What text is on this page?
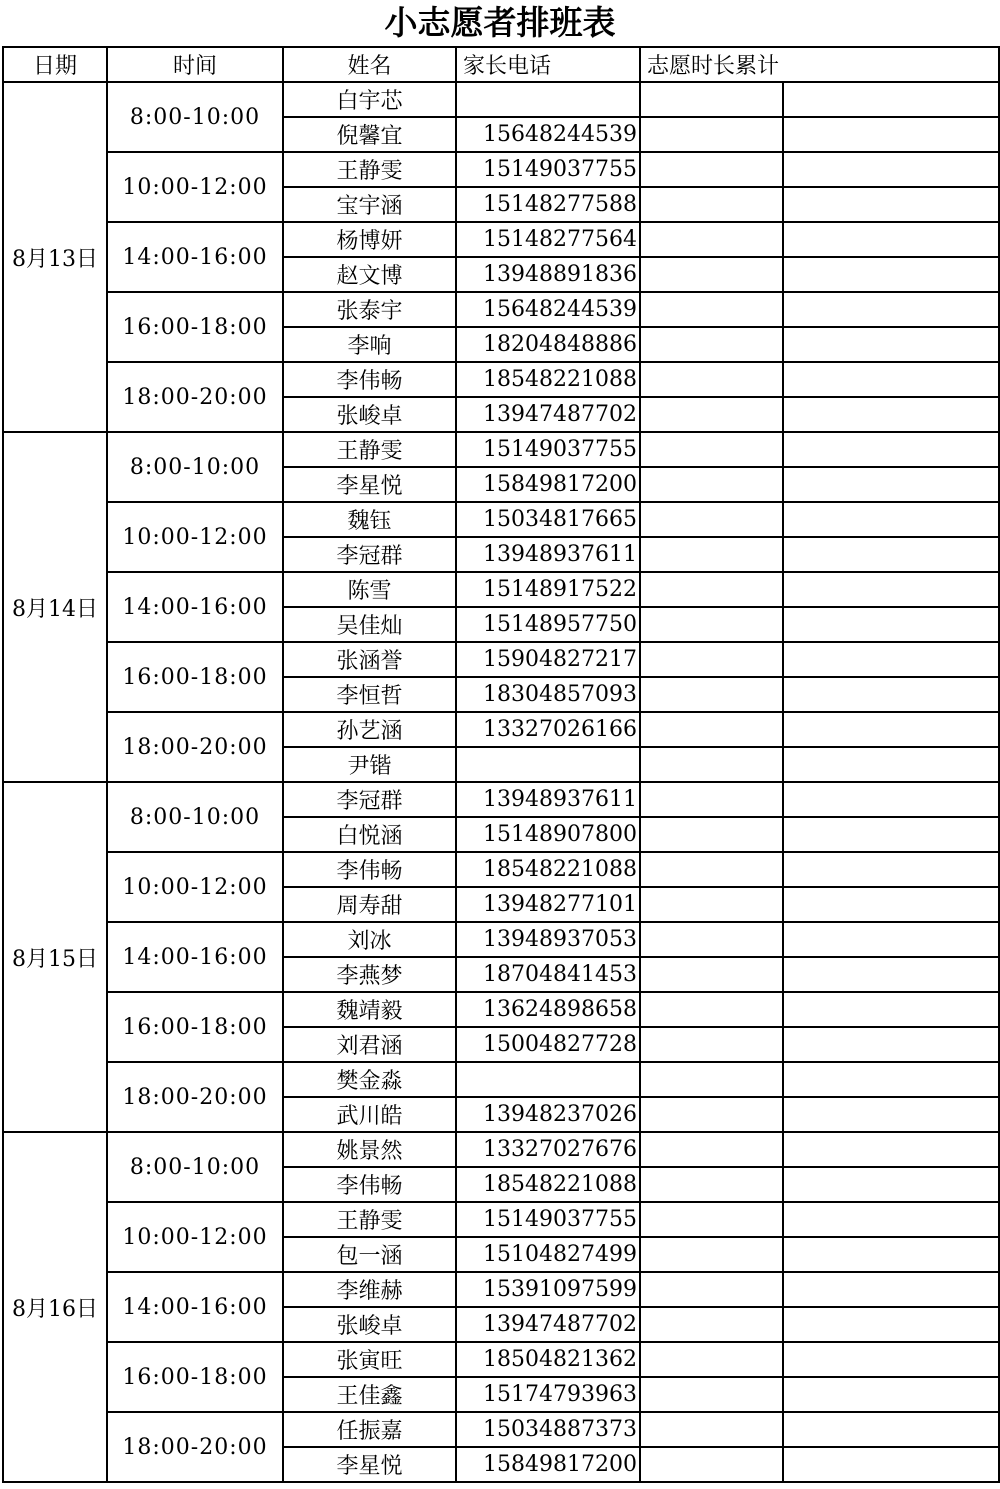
小志愿者排班表
日期	时间	姓名	家长电话	志愿时长累计	
8月13日	8:00-10:00	白宇芯			
		倪馨宜	15648244539		
	10:00-12:00	王静雯	15149037755		
		宝宇涵	15148277588		
	14:00-16:00	杨博妍	15148277564		
		赵文博	13948891836		
	16:00-18:00	张泰宇	15648244539		
		李响	18204848886		
	18:00-20:00	李伟畅	18548221088		
		张峻卓	13947487702		
8月14日	8:00-10:00	王静雯	15149037755		
		李星悦	15849817200		
	10:00-12:00	魏钰	15034817665		
		李冠群	13948937611		
	14:00-16:00	陈雪	15148917522		
		吴佳灿	15148957750		
	16:00-18:00	张涵誉	15904827217		
		李恒哲	18304857093		
	18:00-20:00	孙艺涵	13327026166		
		尹锴			
8月15日	8:00-10:00	李冠群	13948937611		
		白悦涵	15148907800		
	10:00-12:00	李伟畅	18548221088		
		周寿甜	13948277101		
	14:00-16:00	刘冰	13948937053		
		李燕梦	18704841453		
	16:00-18:00	魏靖毅	13624898658		
		刘君涵	15004827728		
	18:00-20:00	樊金淼			
		武川皓	13948237026		
8月16日	8:00-10:00	姚景然	13327027676		
		李伟畅	18548221088		
	10:00-12:00	王静雯	15149037755		
		包一涵	15104827499		
	14:00-16:00	李维赫	15391097599		
		张峻卓	13947487702		
	16:00-18:00	张寅旺	18504821362		
		王佳鑫	15174793963		
	18:00-20:00	任振嘉	15034887373		
		李星悦	15849817200		
